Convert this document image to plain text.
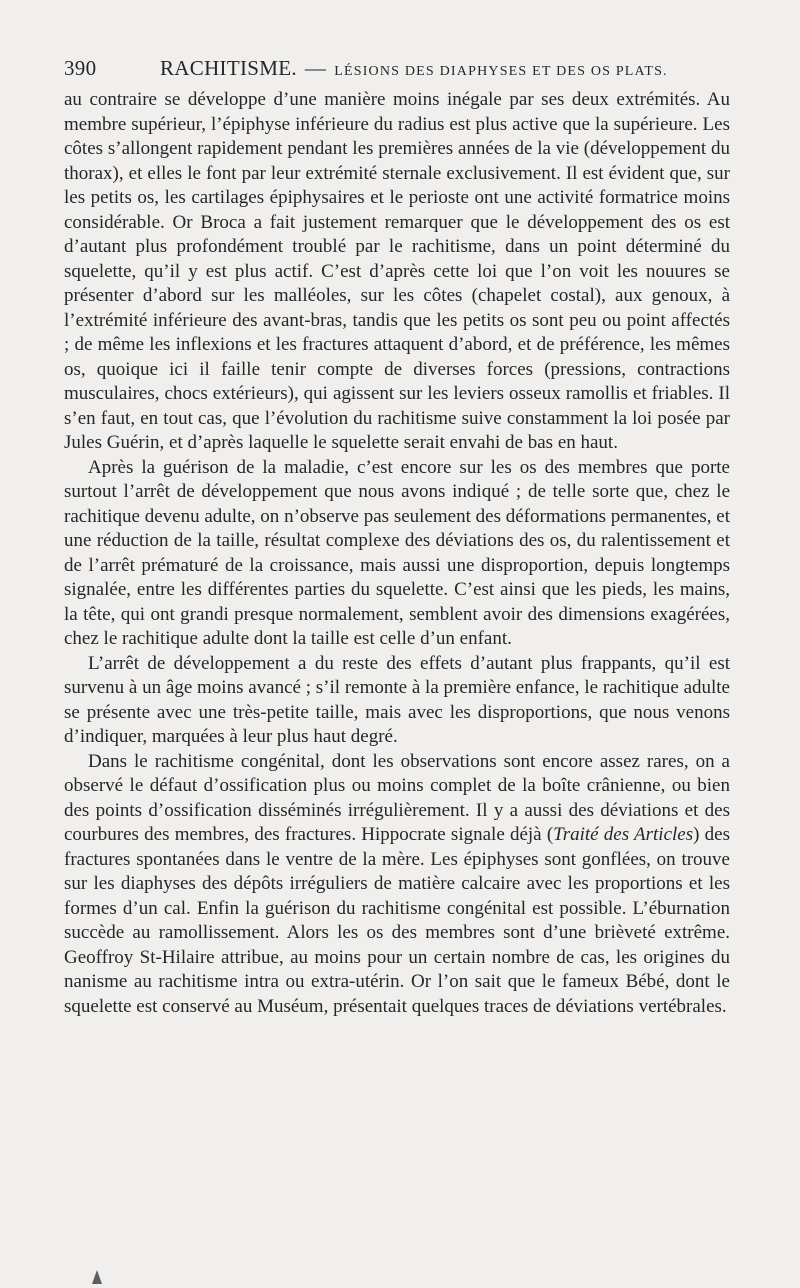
390	RACHITISME. — LÉSIONS DES DIAPHYSES ET DES OS PLATS.

au contraire se développe d’une manière moins inégale par ses deux extrémités. Au membre supérieur, l’épiphyse inférieure du radius est plus active que la supérieure. Les côtes s’allongent rapidement pendant les premières années de la vie (développement du thorax), et elles le font par leur extrémité sternale exclusivement. Il est évident que, sur les petits os, les cartilages épiphysaires et le perioste ont une activité formatrice moins considérable. Or Broca a fait justement remarquer que le développement des os est d’autant plus profondément troublé par le rachitisme, dans un point déterminé du squelette, qu’il y est plus actif. C’est d’après cette loi que l’on voit les nouures se présenter d’abord sur les malléoles, sur les côtes (chapelet costal), aux genoux, à l’extrémité inférieure des avant-bras, tandis que les petits os sont peu ou point affectés ; de même les inflexions et les fractures attaquent d’abord, et de préférence, les mêmes os, quoique ici il faille tenir compte de diverses forces (pressions, contractions musculaires, chocs extérieurs), qui agissent sur les leviers osseux ramollis et friables. Il s’en faut, en tout cas, que l’évolution du rachitisme suive constamment la loi posée par Jules Guérin, et d’après laquelle le squelette serait envahi de bas en haut.

Après la guérison de la maladie, c’est encore sur les os des membres que porte surtout l’arrêt de développement que nous avons indiqué ; de telle sorte que, chez le rachitique devenu adulte, on n’observe pas seulement des déformations permanentes, et une réduction de la taille, résultat complexe des déviations des os, du ralentissement et de l’arrêt prématuré de la croissance, mais aussi une disproportion, depuis longtemps signalée, entre les différentes parties du squelette. C’est ainsi que les pieds, les mains, la tête, qui ont grandi presque normalement, semblent avoir des dimensions exagérées, chez le rachitique adulte dont la taille est celle d’un enfant.

L’arrêt de développement a du reste des effets d’autant plus frappants, qu’il est survenu à un âge moins avancé ; s’il remonte à la première enfance, le rachitique adulte se présente avec une très-petite taille, mais avec les disproportions, que nous venons d’indiquer, marquées à leur plus haut degré.

Dans le rachitisme congénital, dont les observations sont encore assez rares, on a observé le défaut d’ossification plus ou moins complet de la boîte crânienne, ou bien des points d’ossification disséminés irrégulièrement. Il y a aussi des déviations et des courbures des membres, des fractures. Hippocrate signale déjà (Traité des Articles) des fractures spontanées dans le ventre de la mère. Les épiphyses sont gonflées, on trouve sur les diaphyses des dépôts irréguliers de matière calcaire avec les proportions et les formes d’un cal. Enfin la guérison du rachitisme congénital est possible. L’éburnation succède au ramollissement. Alors les os des membres sont d’une brièveté extrême. Geoffroy St-Hilaire attribue, au moins pour un certain nombre de cas, les origines du nanisme au rachitisme intra ou extra-utérin. Or l’on sait que le fameux Bébé, dont le squelette est conservé au Muséum, présentait quelques traces de déviations vertébrales.
